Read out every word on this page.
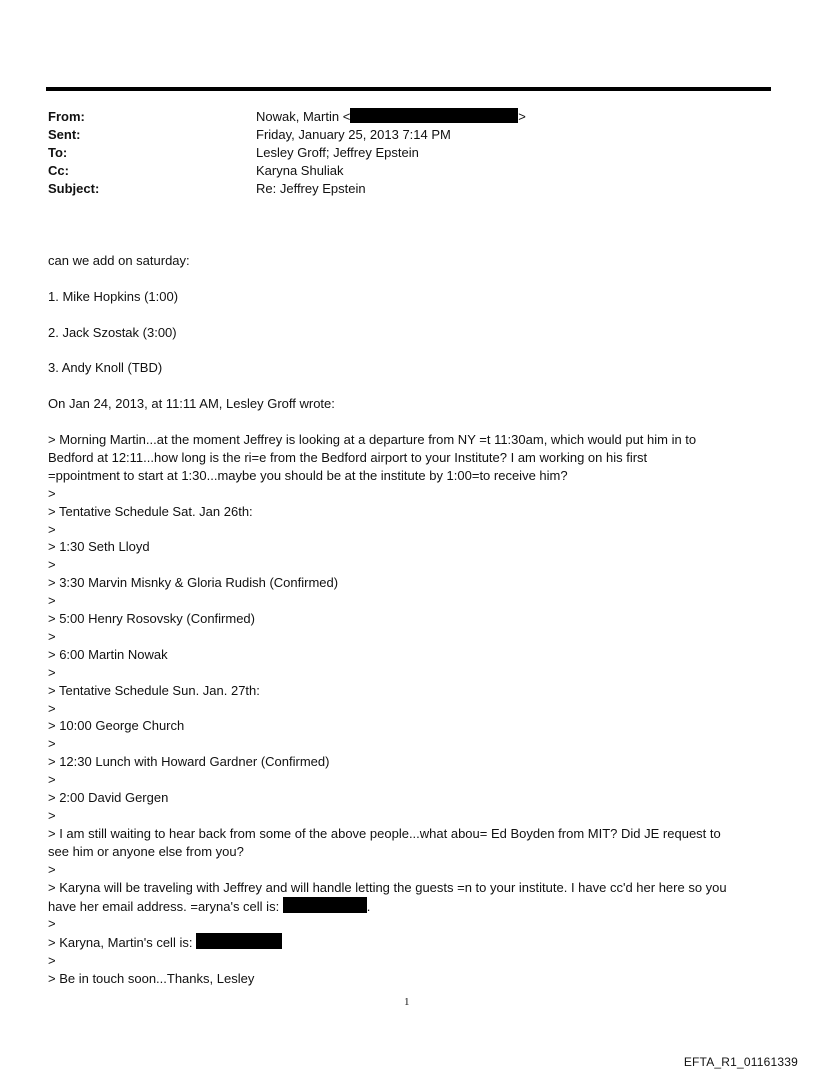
From:	Nowak, Martin <	>
Sent:	Friday, January 25, 2013 7:14 PM
To:	Lesley Groff; Jeffrey Epstein
Cc:	Karyna Shuliak
Subject:	Re: Jeffrey Epstein

can we add on saturday:

1. Mike Hopkins (1:00)

2. Jack Szostak (3:00)

3. Andy Knoll (TBD)

On Jan 24, 2013, at 11:11 AM, Lesley Groff wrote:

> Morning Martin...at the moment Jeffrey is looking at a departure from NY =t 11:30am, which would put him in to

Bedford at 12:11...how long is the ri=e from the Bedford airport to your Institute? I am working on his first

=ppointment to start at 1:30...maybe you should be at the institute by 1:00=to receive him?

>

> Tentative Schedule Sat. Jan 26th:

>

> 1:30 Seth Lloyd

>

> 3:30 Marvin Misnky & Gloria Rudish (Confirmed)

>

> 5:00 Henry Rosovsky (Confirmed)

>

> 6:00 Martin Nowak

>

> Tentative Schedule Sun. Jan. 27th:

>

> 10:00 George Church

>

> 12:30 Lunch with Howard Gardner (Confirmed)

>

> 2:00 David Gergen

>

> I am still waiting to hear back from some of the above people...what abou= Ed Boyden from MIT? Did JE request to

see him or anyone else from you?

>

> Karyna will be traveling with Jeffrey and will handle letting the guests =n to your institute. I have cc'd her here so you

have her email address. =aryna's cell is:	.

>

> Karyna, Martin's cell is:

>

> Be in touch soon...Thanks, Lesley

1
EFTA_R1_01161339
